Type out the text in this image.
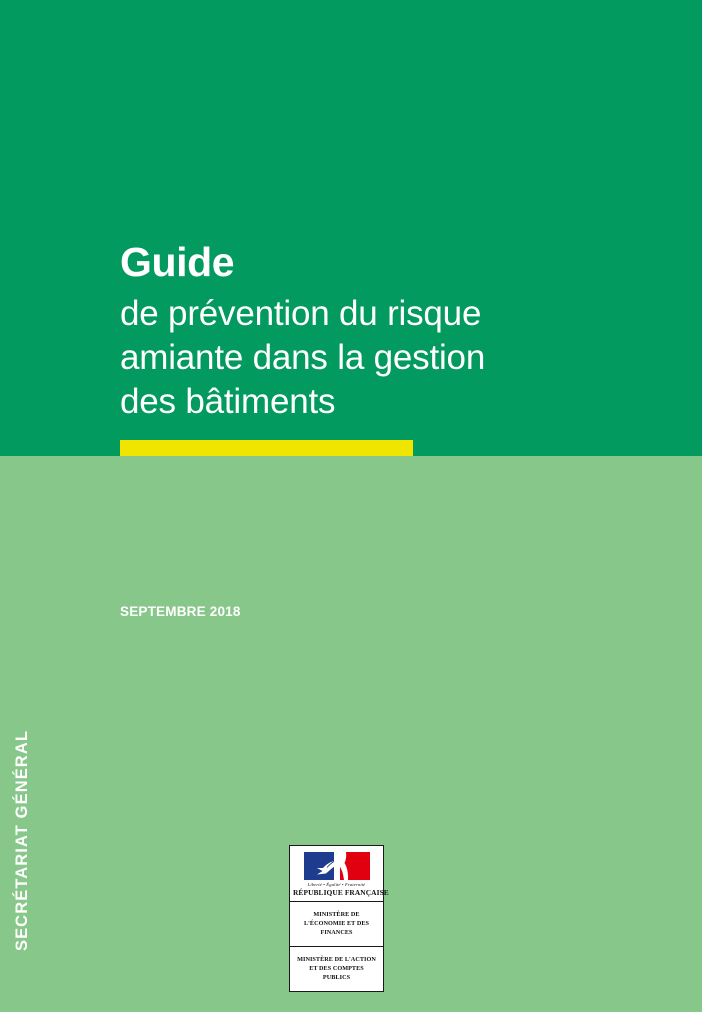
Guide
de prévention du risque
amiante dans la gestion
des bâtiments
SEPTEMBRE 2018
SECRÉTARIAT GÉNÉRAL	Liberté • Égalité • Fraternité
RÉPUBLIQUE FRANÇAISE
MINISTÈRE DE L'ÉCONOMIE ET DES FINANCES
MINISTÈRE DE L'ACTION ET DES COMPTES PUBLICS
